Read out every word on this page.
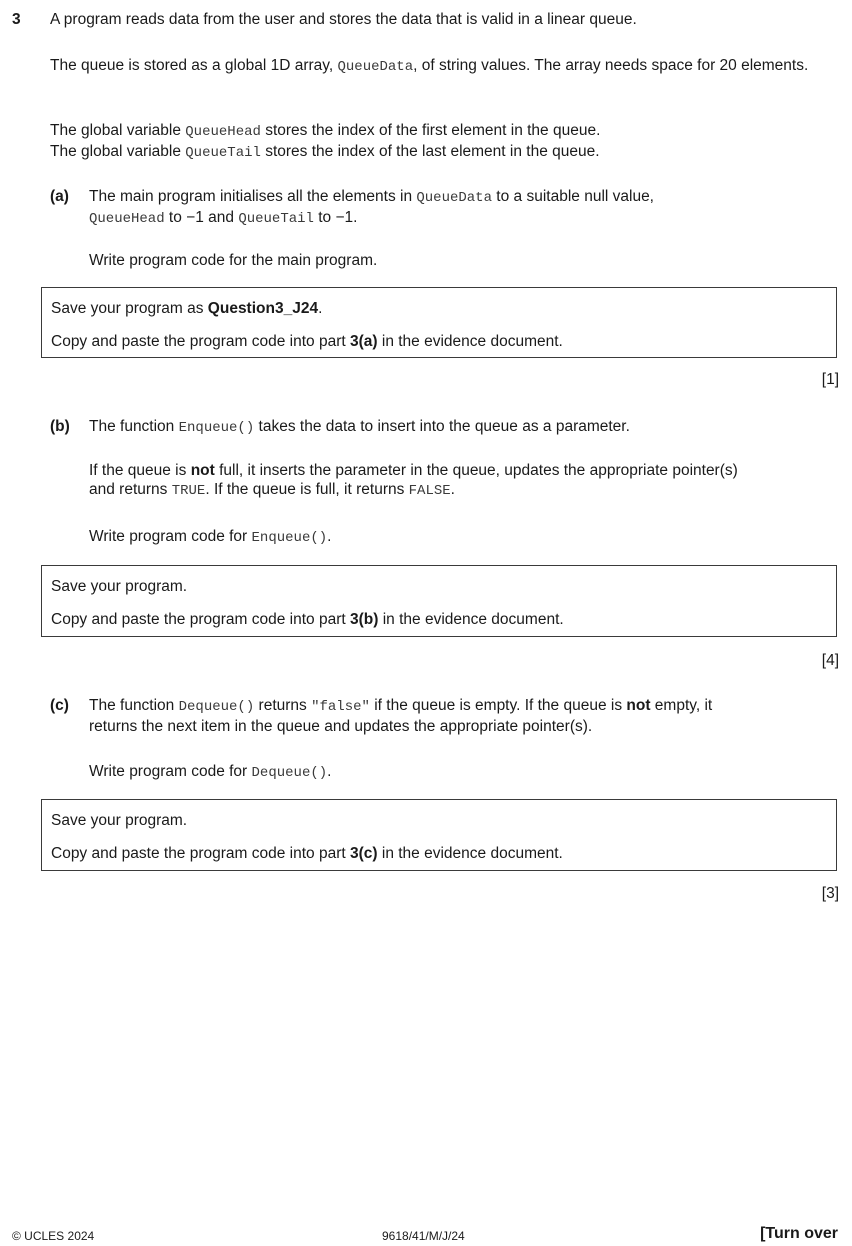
3 A program reads data from the user and stores the data that is valid in a linear queue.

The queue is stored as a global 1D array, QueueData, of string values. The array needs space for 20 elements.

The global variable QueueHead stores the index of the first element in the queue.

The global variable QueueTail stores the index of the last element in the queue.

(a) The main program initialises all the elements in QueueData to a suitable null value,
QueueHead to −1 and QueueTail to −1.

Write program code for the main program.

Save your program as Question3_J24.

Copy and paste the program code into part 3(a) in the evidence document.

[1]
(b) The function Enqueue() takes the data to insert into the queue as a parameter.

If the queue is not full, it inserts the parameter in the queue, updates the appropriate pointer(s)
and returns TRUE. If the queue is full, it returns FALSE.

Write program code for Enqueue().

Save your program.

Copy and paste the program code into part 3(b) in the evidence document.

[4]
(c) The function Dequeue() returns "false" if the queue is empty. If the queue is not empty, it
returns the next item in the queue and updates the appropriate pointer(s).

Write program code for Dequeue().

Save your program.

Copy and paste the program code into part 3(c) in the evidence document.

[3]
© UCLES 2024	9618/41/M/J/24	[Turn over
